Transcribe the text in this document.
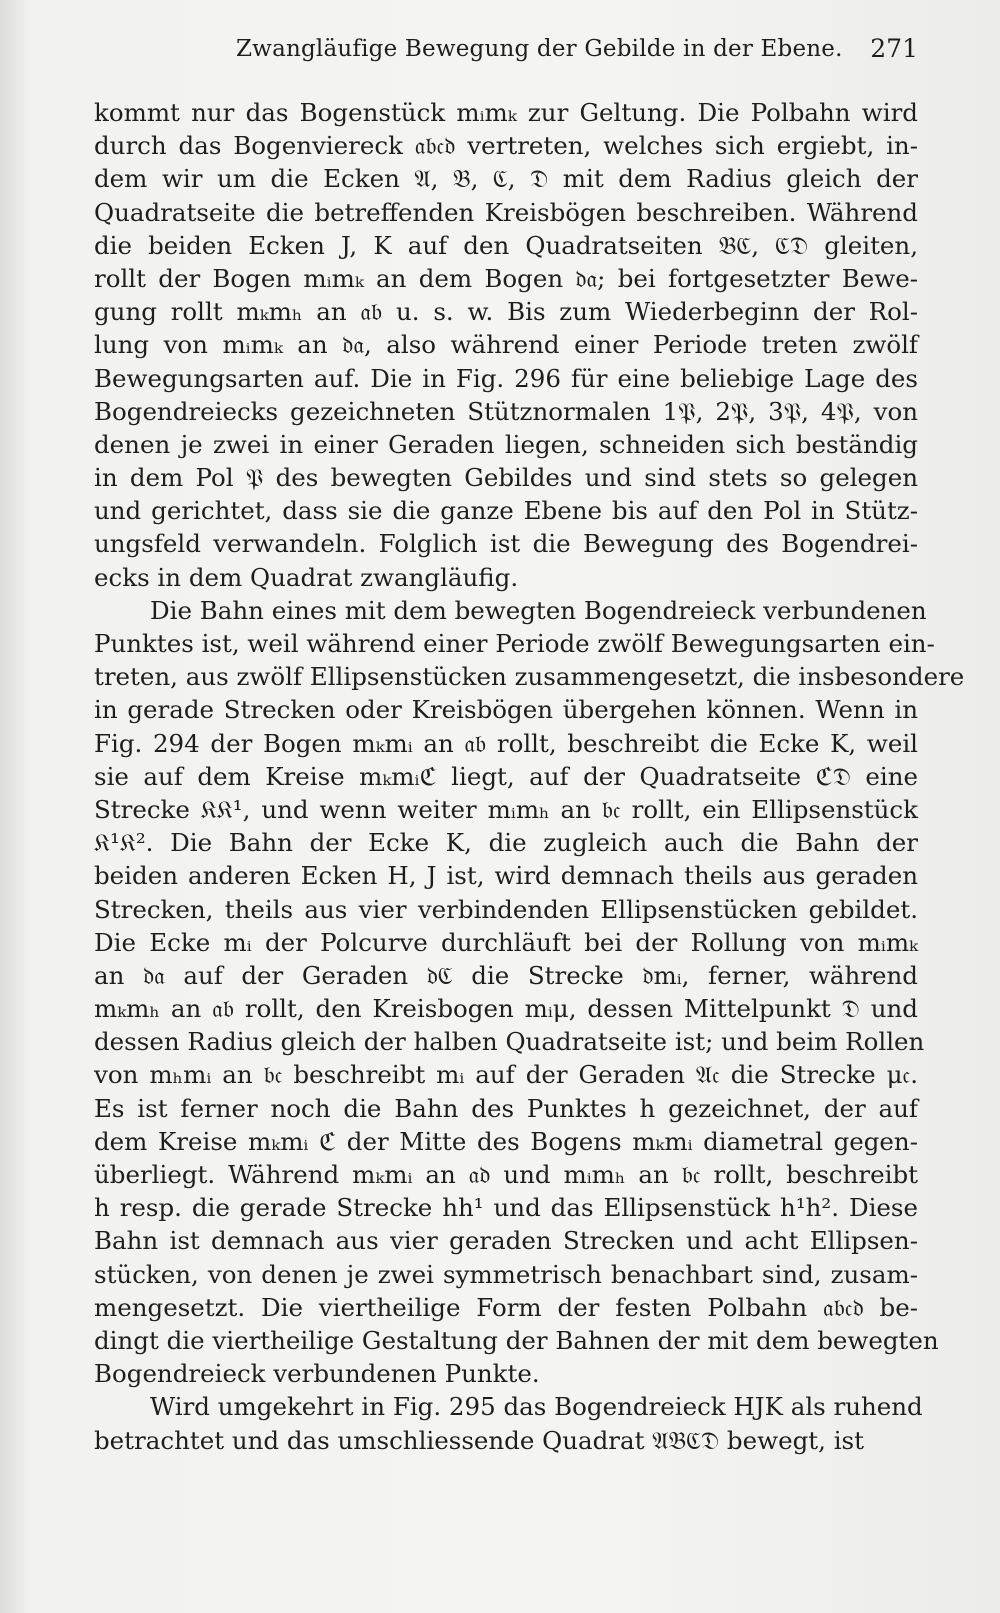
Zwangläufige Bewegung der Gebilde in der Ebene. 271
kommt nur das Bogenstück mᵢmₖ zur Geltung. Die Polbahn wird
durch das Bogenviereck 𝔞𝔟𝔠𝔡 vertreten, welches sich ergiebt, in-
dem wir um die Ecken 𝔄, 𝔅, ℭ, 𝔇 mit dem Radius gleich der
Quadratseite die betreffenden Kreisbögen beschreiben. Während
die beiden Ecken J, K auf den Quadratseiten 𝔅ℭ, ℭ𝔇 gleiten,
rollt der Bogen mᵢmₖ an dem Bogen 𝔡𝔞; bei fortgesetzter Bewe-
gung rollt mₖmₕ an 𝔞𝔟 u. s. w. Bis zum Wiederbeginn der Rol-
lung von mᵢmₖ an 𝔡𝔞, also während einer Periode treten zwölf
Bewegungsarten auf. Die in Fig. 296 für eine beliebige Lage des
Bogendreiecks gezeichneten Stütznormalen 1𝔓, 2𝔓, 3𝔓, 4𝔓, von
denen je zwei in einer Geraden liegen, schneiden sich beständig
in dem Pol 𝔓 des bewegten Gebildes und sind stets so gelegen
und gerichtet, dass sie die ganze Ebene bis auf den Pol in Stütz-
ungsfeld verwandeln. Folglich ist die Bewegung des Bogendrei-
ecks in dem Quadrat zwangläufig.
Die Bahn eines mit dem bewegten Bogendreieck verbundenen
Punktes ist, weil während einer Periode zwölf Bewegungsarten ein-
treten, aus zwölf Ellipsenstücken zusammengesetzt, die insbesondere
in gerade Strecken oder Kreisbögen übergehen können. Wenn in
Fig. 294 der Bogen mₖmᵢ an 𝔞𝔟 rollt, beschreibt die Ecke K, weil
sie auf dem Kreise mₖmᵢℭ liegt, auf der Quadratseite ℭ𝔇 eine
Strecke 𝔎𝔎¹, und wenn weiter mᵢmₕ an 𝔟𝔠 rollt, ein Ellipsenstück
𝔎¹𝔎². Die Bahn der Ecke K, die zugleich auch die Bahn der
beiden anderen Ecken H, J ist, wird demnach theils aus geraden
Strecken, theils aus vier verbindenden Ellipsenstücken gebildet.
Die Ecke mᵢ der Polcurve durchläuft bei der Rollung von mᵢmₖ
an 𝔡𝔞 auf der Geraden 𝔡ℭ die Strecke 𝔡mᵢ, ferner, während
mₖmₕ an 𝔞𝔟 rollt, den Kreisbogen mᵢμ, dessen Mittelpunkt 𝔇 und
dessen Radius gleich der halben Quadratseite ist; und beim Rollen
von mₕmᵢ an 𝔟𝔠 beschreibt mᵢ auf der Geraden 𝔄𝔠 die Strecke μ𝔠.
Es ist ferner noch die Bahn des Punktes h gezeichnet, der auf
dem Kreise mₖmᵢ ℭ der Mitte des Bogens mₖmᵢ diametral gegen-
überliegt. Während mₖmᵢ an 𝔞𝔡 und mᵢmₕ an 𝔟𝔠 rollt, beschreibt
h resp. die gerade Strecke hh¹ und das Ellipsenstück h¹h². Diese
Bahn ist demnach aus vier geraden Strecken und acht Ellipsen-
stücken, von denen je zwei symmetrisch benachbart sind, zusam-
mengesetzt. Die viertheilige Form der festen Polbahn 𝔞𝔟𝔠𝔡 be-
dingt die viertheilige Gestaltung der Bahnen der mit dem bewegten
Bogendreieck verbundenen Punkte.
Wird umgekehrt in Fig. 295 das Bogendreieck HJK als ruhend
betrachtet und das umschliessende Quadrat 𝔄𝔅ℭ𝔇 bewegt, ist
